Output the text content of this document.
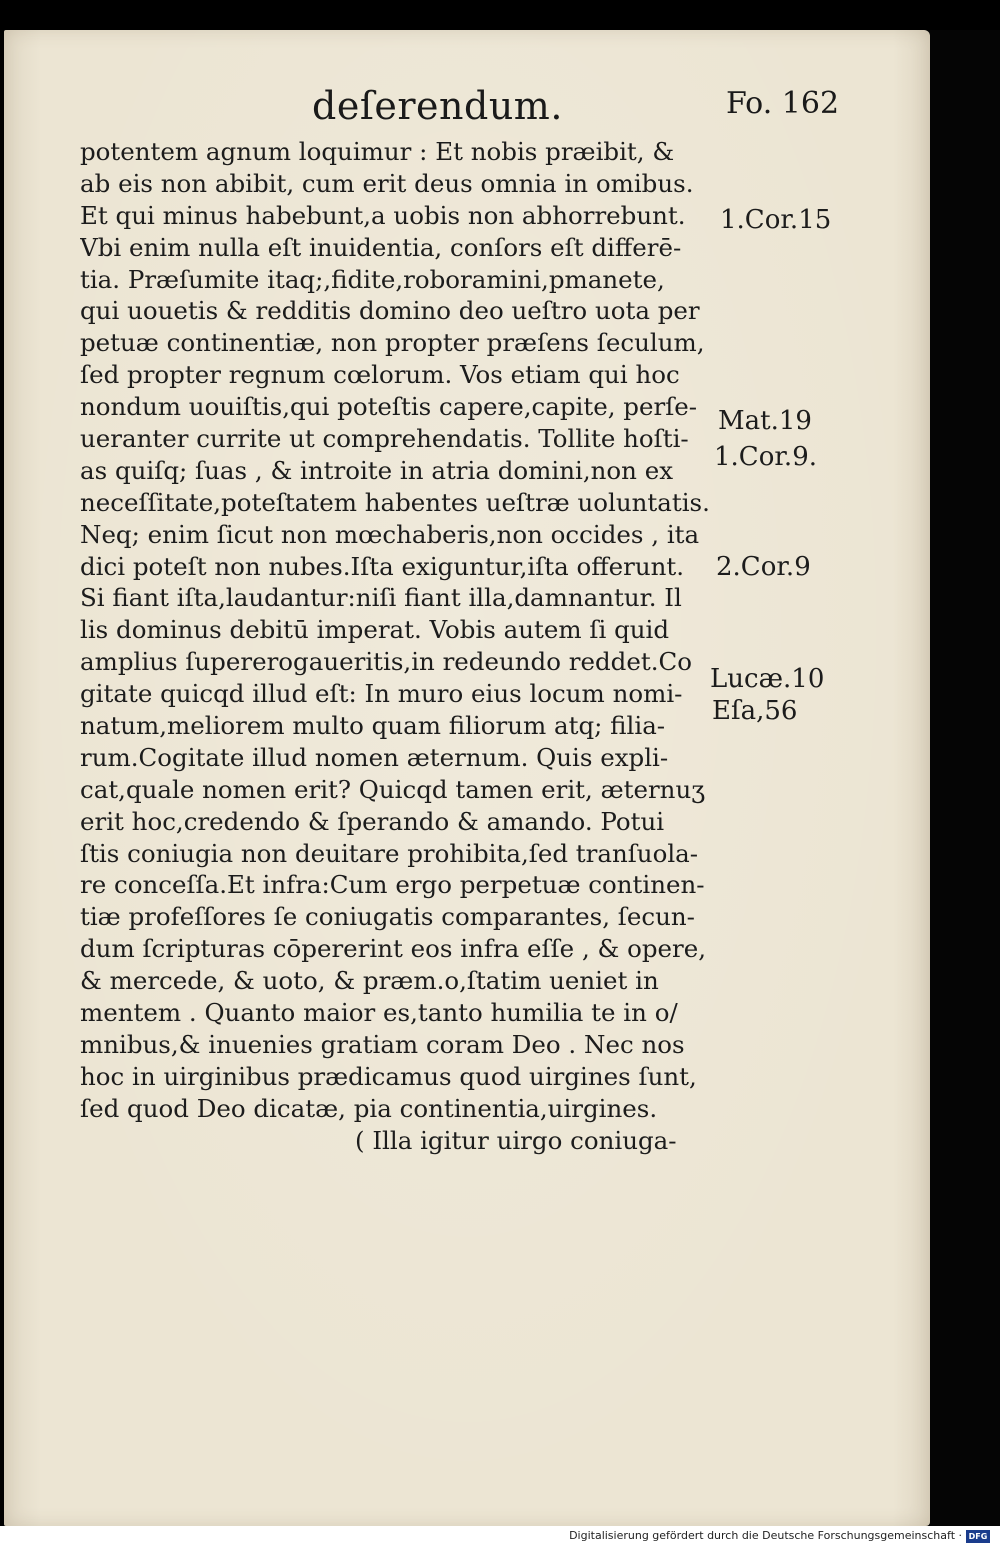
deſerendum.	Fo. 162
potentem agnum loquimur : Et nobis præibit, &
ab eis non abibit, cum erit deus omnia in omibus.
Et qui minus habebunt,a uobis non abhorrebunt.
Vbi enim nulla eſt inuidentia, conſors eſt differē-
tia. Præſumite itaq;,fidite,roboramini,pmanete,
qui uouetis & redditis domino deo ueſtro uota per
petuæ continentiæ, non propter præſens ſeculum,
ſed propter regnum cœlorum. Vos etiam qui hoc
nondum uouiſtis,qui poteſtis capere,capite, perſe-
ueranter currite ut comprehendatis. Tollite hoſti-
as quiſq; ſuas , & introite in atria domini,non ex
neceſſitate,poteſtatem habentes ueſtræ uoluntatis.
Neq; enim ſicut non mœchaberis,non occides , ita
dici poteſt non nubes.Iſta exiguntur,iſta offerunt.
Si fiant iſta,laudantur:niſi fiant illa,damnantur. Il
lis dominus debitū imperat. Vobis autem ſi quid
amplius ſupererogaueritis,in redeundo reddet.Co
gitate quicqd illud eſt: In muro eius locum nomi-
natum,meliorem multo quam filiorum atq; filia-
rum.Cogitate illud nomen æternum. Quis expli-
cat,quale nomen erit? Quicqd tamen erit, æternuʒ
erit hoc,credendo & ſperando & amando. Potui
ſtis coniugia non deuitare prohibita,ſed tranſuola-
re conceſſa.Et infra:Cum ergo perpetuæ continen-
tiæ profeſſores ſe coniugatis comparantes, ſecun-
dum ſcripturas cōpererint eos infra eſſe , & opere,
& mercede, & uoto, & præm.o,ſtatim ueniet in
mentem . Quanto maior es,tanto humilia te in o/
mnibus,& inuenies gratiam coram Deo . Nec nos
hoc in uirginibus prædicamus quod uirgines ſunt,
ſed quod Deo dicatæ, pia continentia,uirgines.
( Illa igitur uirgo coniuga-
1.Cor.15
Mat.19
1.Cor.9.
2.Cor.9
Lucæ.10
Eſa,56
Digitalisierung gefördert durch die Deutsche Forschungsgemeinschaft · DFG
